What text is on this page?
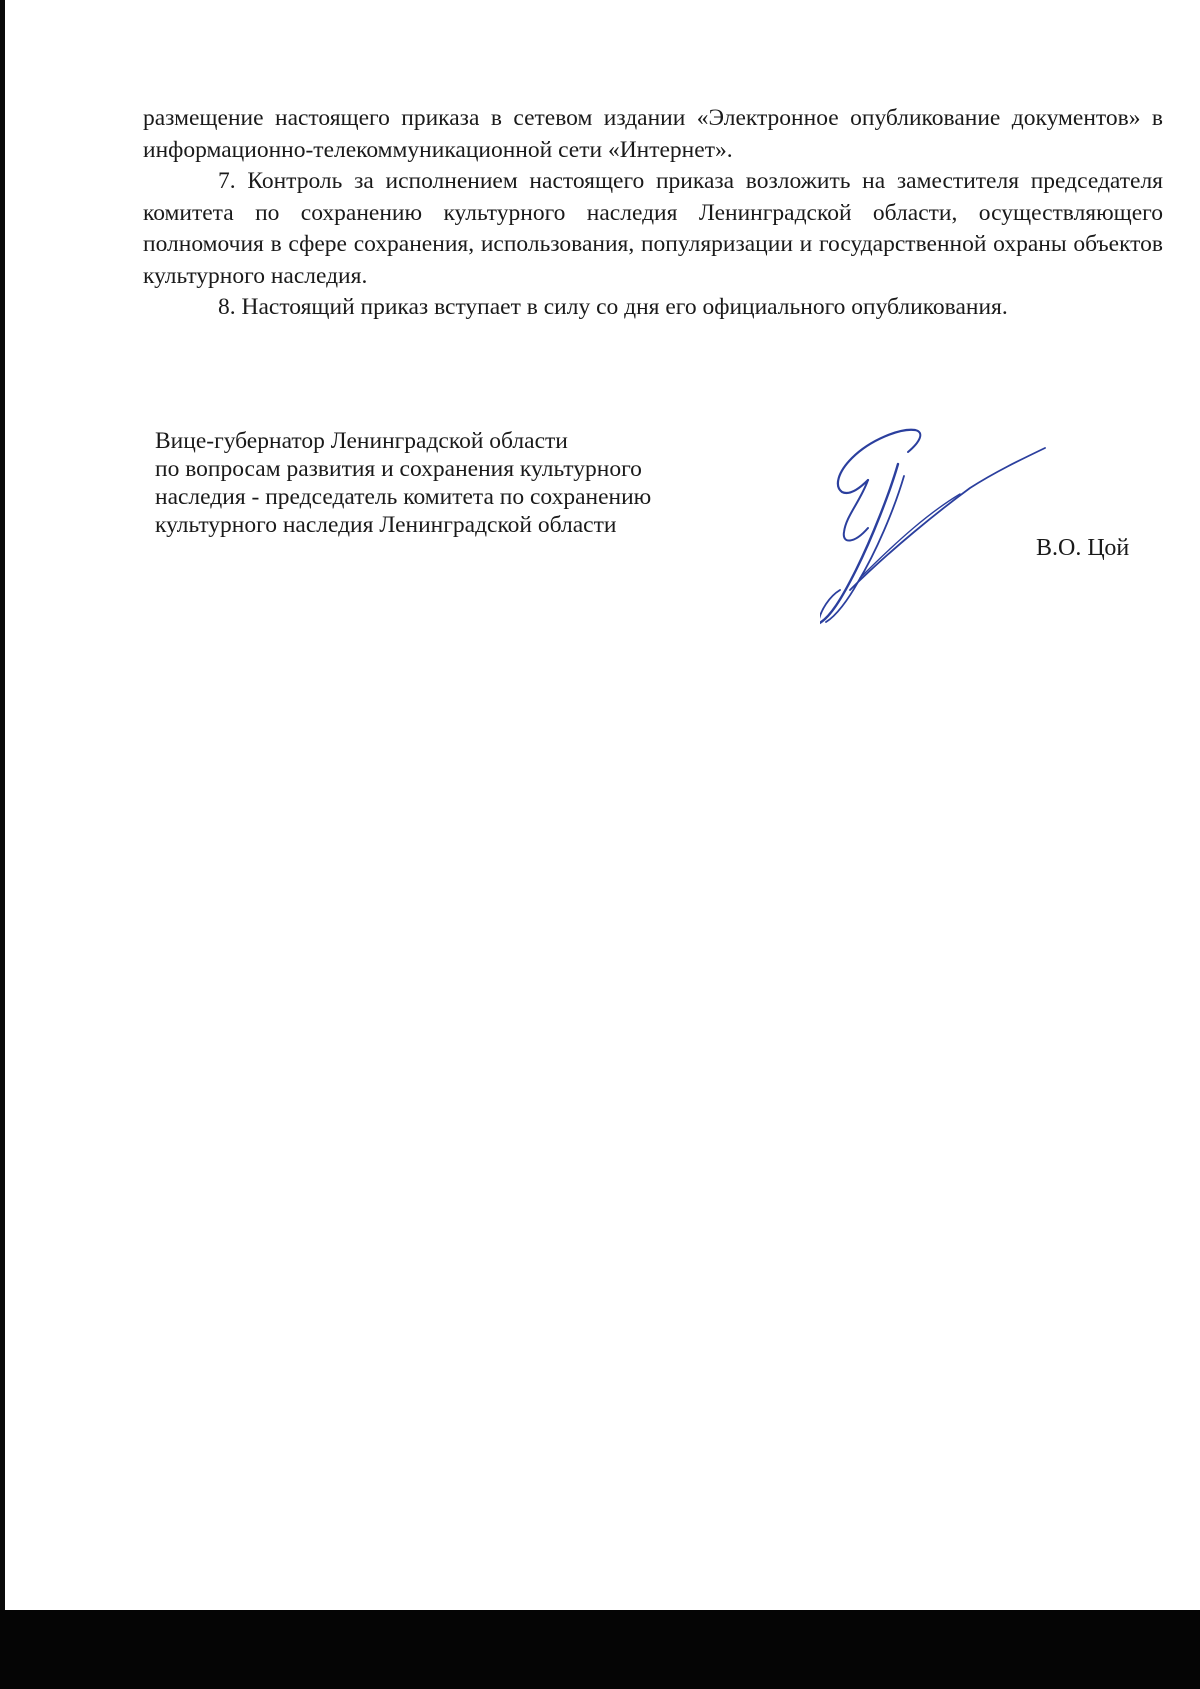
размещение настоящего приказа в сетевом издании «Электронное опубликование документов» в информационно-телекоммуникационной сети «Интернет».

7. Контроль за исполнением настоящего приказа возложить на заместителя председателя комитета по сохранению культурного наследия Ленинградской области, осуществляющего полномочия в сфере сохранения, использования, популяризации и государственной охраны объектов культурного наследия.

8. Настоящий приказ вступает в силу со дня его официального опубликования.

Вице-губернатор Ленинградской области
по вопросам развития и сохранения культурного
наследия - председатель комитета по сохранению
культурного наследия Ленинградской области
В.О. Цой
